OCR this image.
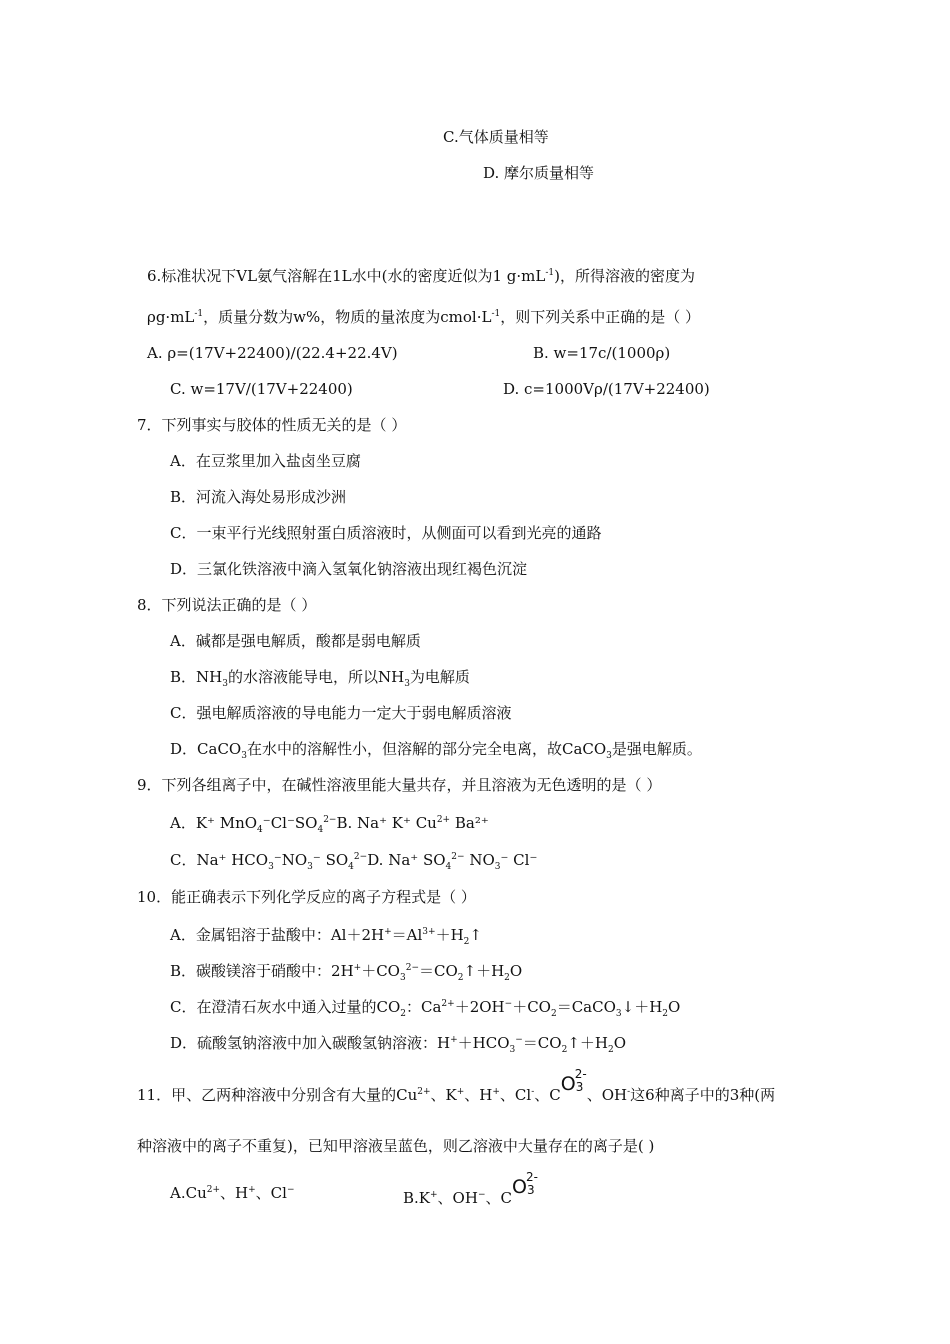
C.气体质量相等
D. 摩尔质量相等
6.标准状况下VL氨气溶解在1L水中(水的密度近似为1 $g\cdot mL^{-1}$)，所得溶液的密度为
$\rho g\cdot mL^{-1}$，质量分数为w%，物质的量浓度为$cmol\cdot L^{-1}$，则下列关系中正确的是（ ）
A. ρ=(17V+22400)/(22.4+22.4V)	B. w=17c/(1000ρ)
C. w=17V/(17V+22400)	D. c=1000Vρ/(17V+22400)
7．下列事实与胶体的性质无关的是（ ）
A．在豆浆里加入盐卤坐豆腐
B．河流入海处易形成沙洲
C．一束平行光线照射蛋白质溶液时，从侧面可以看到光亮的通路
D．三氯化铁溶液中滴入氢氧化钠溶液出现红褐色沉淀
8．下列说法正确的是（ ）
A．碱都是强电解质，酸都是弱电解质
B．$NH_3$的水溶液能导电，所以$NH_3$为电解质
C．强电解质溶液的导电能力一定大于弱电解质溶液
D．CaCO$_3$在水中的溶解性小，但溶解的部分完全电离，故CaCO$_3$是强电解质。
9．下列各组离子中，在碱性溶液里能大量共存，并且溶液为无色透明的是（ ）
A．K⁺ $MnO_4^-Cl^-SO_4^{2-}B$. Na⁺ K⁺ $Cu^{2+}$ Ba²⁺
C．Na⁺ $HCO_3^-NO_3^-$ $SO_4^{2-}D$. Na⁺ $SO_4^{2-}$ $NO_3^-$ Cl⁻
10．能正确表示下列化学反应的离子方程式是（ ）
A．金属铝溶于盐酸中：$Al+2H^+=Al^{3+}+H_2↑$
B．碳酸镁溶于硝酸中：$2H^++CO_3^{2-}=CO_2↑+H_2O$
C．在澄清石灰水中通入过量的$CO_2$：$Ca^{2+}+2OH^-+CO_2=CaCO_3↓+H_2O$
D．硫酸氢钠溶液中加入碳酸氢钠溶液：$H^++HCO_3^-=CO_2↑+H_2O$
11．甲、乙两种溶液中分别含有大量的$Cu^{2+}$、K+、H+、Cl-、C O 2-
3 、OH-这6种离子中的3种(两
种溶液中的离子不重复)，已知甲溶液呈蓝色，则乙溶液中大量存在的离子是( )
$A.Cu^{2+}$、H+、Cl−	B.K+、OH−、C O 2-
3
